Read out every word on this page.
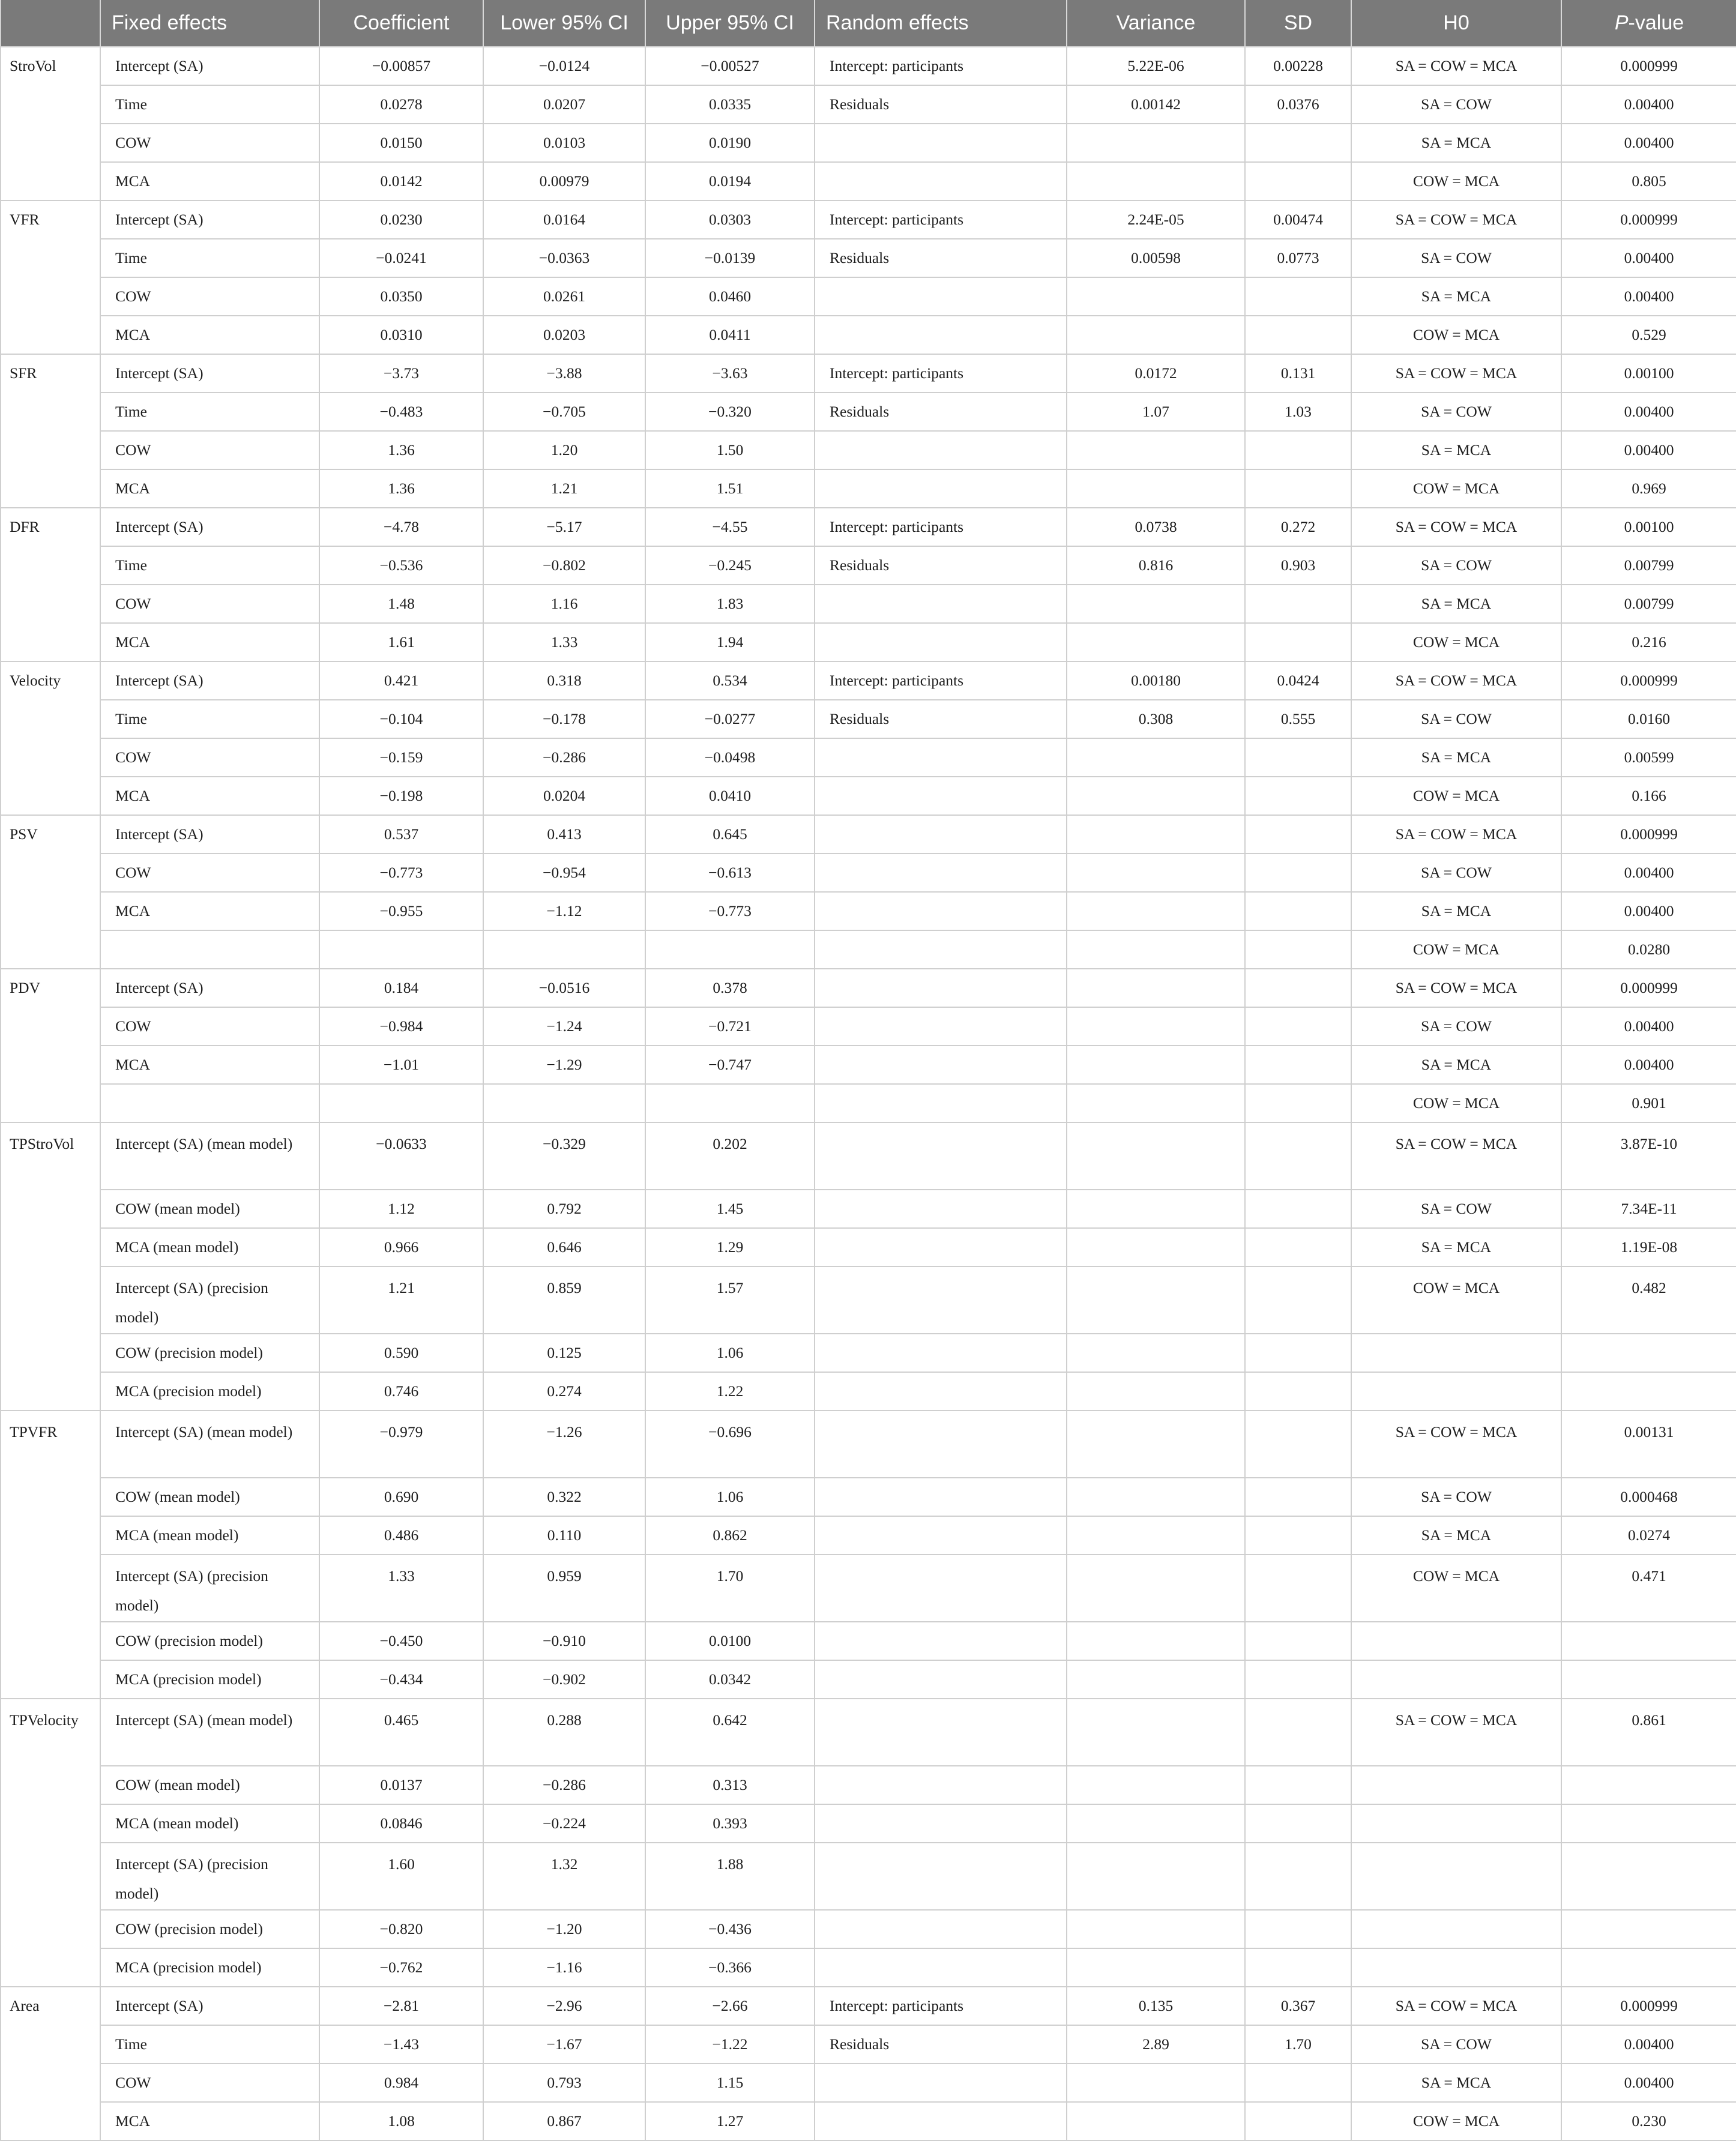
	Fixed effects	Coefficient	Lower 95% CI	Upper 95% CI	Random effects	Variance	SD	H0	P-value
StroVol	Intercept (SA)	−0.00857	−0.0124	−0.00527	Intercept: participants	5.22E-06	0.00228	SA = COW = MCA	0.000999
	Time	0.0278	0.0207	0.0335	Residuals	0.00142	0.0376	SA = COW	0.00400
	COW	0.0150	0.0103	0.0190				SA = MCA	0.00400
	MCA	0.0142	0.00979	0.0194				COW = MCA	0.805
VFR	Intercept (SA)	0.0230	0.0164	0.0303	Intercept: participants	2.24E-05	0.00474	SA = COW = MCA	0.000999
	Time	−0.0241	−0.0363	−0.0139	Residuals	0.00598	0.0773	SA = COW	0.00400
	COW	0.0350	0.0261	0.0460				SA = MCA	0.00400
	MCA	0.0310	0.0203	0.0411				COW = MCA	0.529
SFR	Intercept (SA)	−3.73	−3.88	−3.63	Intercept: participants	0.0172	0.131	SA = COW = MCA	0.00100
	Time	−0.483	−0.705	−0.320	Residuals	1.07	1.03	SA = COW	0.00400
	COW	1.36	1.20	1.50				SA = MCA	0.00400
	MCA	1.36	1.21	1.51				COW = MCA	0.969
DFR	Intercept (SA)	−4.78	−5.17	−4.55	Intercept: participants	0.0738	0.272	SA = COW = MCA	0.00100
	Time	−0.536	−0.802	−0.245	Residuals	0.816	0.903	SA = COW	0.00799
	COW	1.48	1.16	1.83				SA = MCA	0.00799
	MCA	1.61	1.33	1.94				COW = MCA	0.216
Velocity	Intercept (SA)	0.421	0.318	0.534	Intercept: participants	0.00180	0.0424	SA = COW = MCA	0.000999
	Time	−0.104	−0.178	−0.0277	Residuals	0.308	0.555	SA = COW	0.0160
	COW	−0.159	−0.286	−0.0498				SA = MCA	0.00599
	MCA	−0.198	0.0204	0.0410				COW = MCA	0.166
PSV	Intercept (SA)	0.537	0.413	0.645				SA = COW = MCA	0.000999
	COW	−0.773	−0.954	−0.613				SA = COW	0.00400
	MCA	−0.955	−1.12	−0.773				SA = MCA	0.00400
								COW = MCA	0.0280
PDV	Intercept (SA)	0.184	−0.0516	0.378				SA = COW = MCA	0.000999
	COW	−0.984	−1.24	−0.721				SA = COW	0.00400
	MCA	−1.01	−1.29	−0.747				SA = MCA	0.00400
								COW = MCA	0.901
TPStroVol	Intercept (SA) (mean model)	−0.0633	−0.329	0.202				SA = COW = MCA	3.87E-10
	COW (mean model)	1.12	0.792	1.45				SA = COW	7.34E-11
	MCA (mean model)	0.966	0.646	1.29				SA = MCA	1.19E-08
	Intercept (SA) (precision model)	1.21	0.859	1.57				COW = MCA	0.482
	COW (precision model)	0.590	0.125	1.06					
	MCA (precision model)	0.746	0.274	1.22					
TPVFR	Intercept (SA) (mean model)	−0.979	−1.26	−0.696				SA = COW = MCA	0.00131
	COW (mean model)	0.690	0.322	1.06				SA = COW	0.000468
	MCA (mean model)	0.486	0.110	0.862				SA = MCA	0.0274
	Intercept (SA) (precision model)	1.33	0.959	1.70				COW = MCA	0.471
	COW (precision model)	−0.450	−0.910	0.0100					
	MCA (precision model)	−0.434	−0.902	0.0342					
TPVelocity	Intercept (SA) (mean model)	0.465	0.288	0.642				SA = COW = MCA	0.861
	COW (mean model)	0.0137	−0.286	0.313					
	MCA (mean model)	0.0846	−0.224	0.393					
	Intercept (SA) (precision model)	1.60	1.32	1.88					
	COW (precision model)	−0.820	−1.20	−0.436					
	MCA (precision model)	−0.762	−1.16	−0.366					
Area	Intercept (SA)	−2.81	−2.96	−2.66	Intercept: participants	0.135	0.367	SA = COW = MCA	0.000999
	Time	−1.43	−1.67	−1.22	Residuals	2.89	1.70	SA = COW	0.00400
	COW	0.984	0.793	1.15				SA = MCA	0.00400
	MCA	1.08	0.867	1.27				COW = MCA	0.230
